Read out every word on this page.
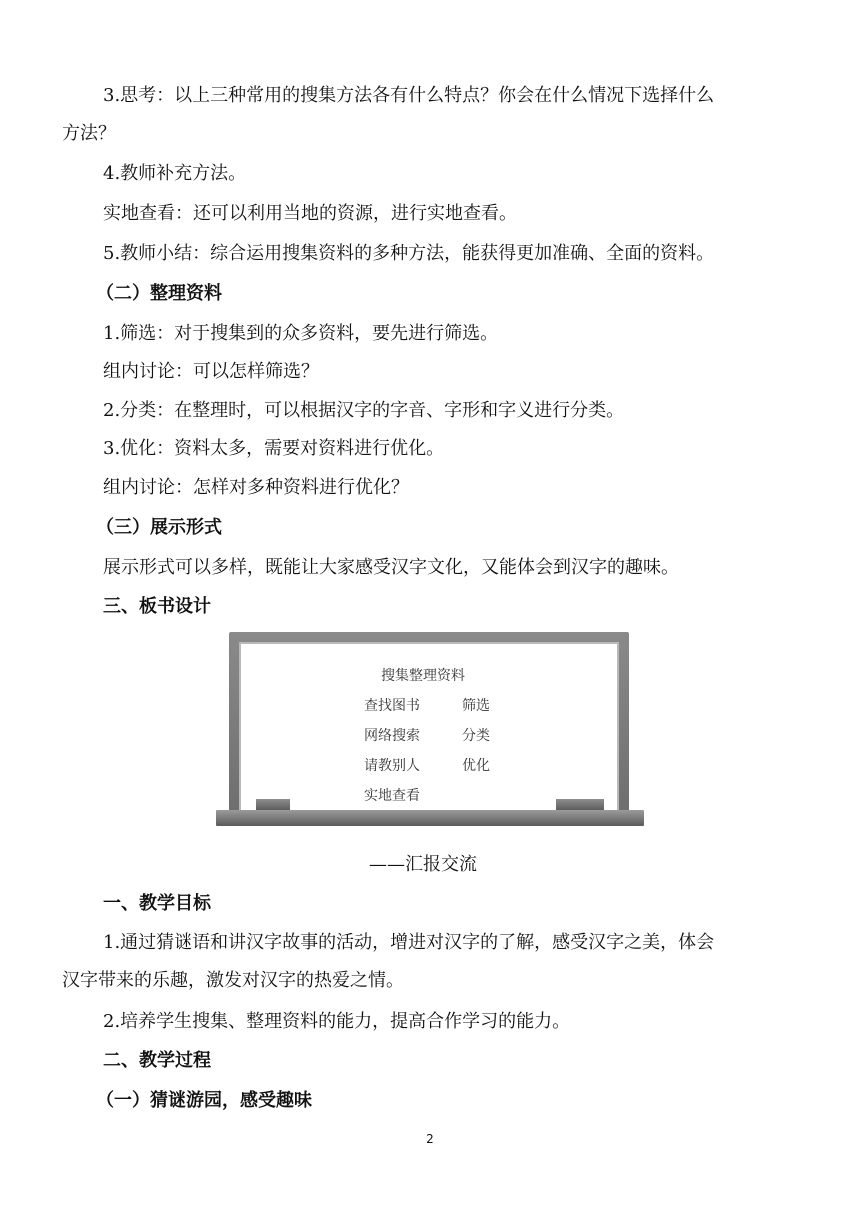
3.思考：以上三种常用的搜集方法各有什么特点？你会在什么情况下选择什么
方法？
4.教师补充方法。
实地查看：还可以利用当地的资源，进行实地查看。
5.教师小结：综合运用搜集资料的多种方法，能获得更加准确、全面的资料。
（二）整理资料
1.筛选：对于搜集到的众多资料，要先进行筛选。
组内讨论：可以怎样筛选？
2.分类：在整理时，可以根据汉字的字音、字形和字义进行分类。
3.优化：资料太多，需要对资料进行优化。
组内讨论：怎样对多种资料进行优化？
（三）展示形式
展示形式可以多样，既能让大家感受汉字文化，又能体会到汉字的趣味。
三、板书设计
搜集整理资料
查找图书
网络搜索
请教别人
实地查看
筛选
分类
优化
——汇报交流
一、教学目标
1.通过猜谜语和讲汉字故事的活动，增进对汉字的了解，感受汉字之美，体会
汉字带来的乐趣，激发对汉字的热爱之情。
2.培养学生搜集、整理资料的能力，提高合作学习的能力。
二、教学过程
（一）猜谜游园，感受趣味
2
